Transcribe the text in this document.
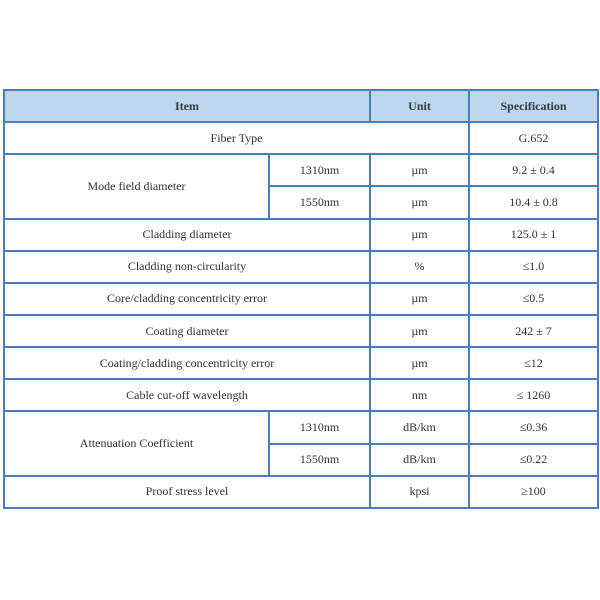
Item		Unit	Specification
Fiber Type			G.652
Mode field diameter	1310nm	µm	9.2 ± 0.4
	1550nm	µm	10.4 ± 0.8
Cladding diameter		µm	125.0 ± 1
Cladding non-circularity		%	≤1.0
Core/cladding concentricity error		µm	≤0.5
Coating diameter		µm	242 ± 7
Coating/cladding concentricity error		µm	≤12
Cable cut-off wavelength		nm	≤ 1260
Attenuation Coefficient	1310nm	dB/km	≤0.36
	1550nm	dB/km	≤0.22
Proof stress level		kpsi	≥100
